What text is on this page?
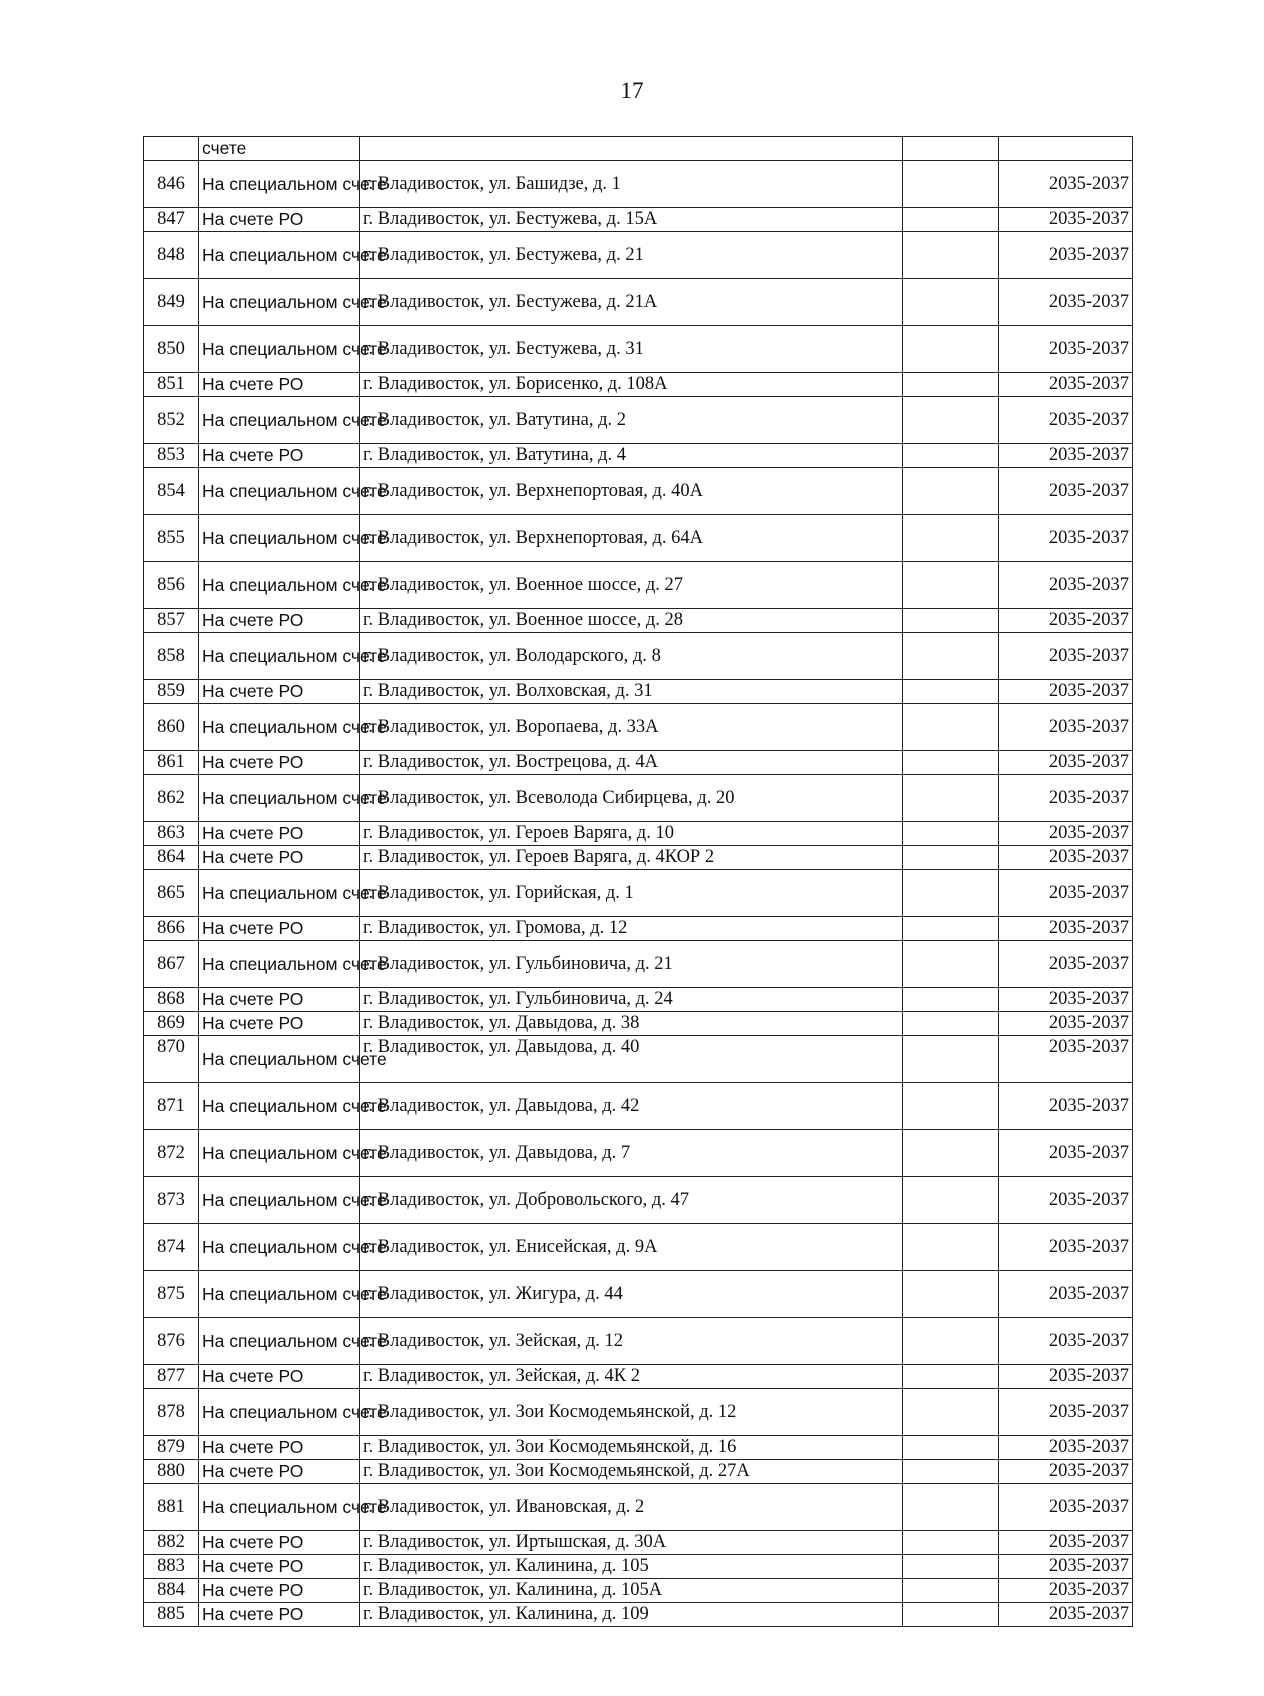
17
	счете			
846	На специальном счете	г. Владивосток, ул. Башидзе, д. 1		2035-2037
847	На счете РО	г. Владивосток, ул. Бестужева, д. 15А		2035-2037
848	На специальном счете	г. Владивосток, ул. Бестужева, д. 21		2035-2037
849	На специальном счете	г. Владивосток, ул. Бестужева, д. 21А		2035-2037
850	На специальном счете	г. Владивосток, ул. Бестужева, д. 31		2035-2037
851	На счете РО	г. Владивосток, ул. Борисенко, д. 108А		2035-2037
852	На специальном счете	г. Владивосток, ул. Ватутина, д. 2		2035-2037
853	На счете РО	г. Владивосток, ул. Ватутина, д. 4		2035-2037
854	На специальном счете	г. Владивосток, ул. Верхнепортовая, д. 40А		2035-2037
855	На специальном счете	г. Владивосток, ул. Верхнепортовая, д. 64А		2035-2037
856	На специальном счете	г. Владивосток, ул. Военное шоссе, д. 27		2035-2037
857	На счете РО	г. Владивосток, ул. Военное шоссе, д. 28		2035-2037
858	На специальном счете	г. Владивосток, ул. Володарского, д. 8		2035-2037
859	На счете РО	г. Владивосток, ул. Волховская, д. 31		2035-2037
860	На специальном счете	г. Владивосток, ул. Воропаева, д. 33А		2035-2037
861	На счете РО	г. Владивосток, ул. Вострецова, д. 4А		2035-2037
862	На специальном счете	г. Владивосток, ул. Всеволода Сибирцева, д. 20		2035-2037
863	На счете РО	г. Владивосток, ул. Героев Варяга, д. 10		2035-2037
864	На счете РО	г. Владивосток, ул. Героев Варяга, д. 4КОР 2		2035-2037
865	На специальном счете	г. Владивосток, ул. Горийская, д. 1		2035-2037
866	На счете РО	г. Владивосток, ул. Громова, д. 12		2035-2037
867	На специальном счете	г. Владивосток, ул. Гульбиновича, д. 21		2035-2037
868	На счете РО	г. Владивосток, ул. Гульбиновича, д. 24		2035-2037
869	На счете РО	г. Владивосток, ул. Давыдова, д. 38		2035-2037
870	На специальном счете	г. Владивосток, ул. Давыдова, д. 40		2035-2037
871	На специальном счете	г. Владивосток, ул. Давыдова, д. 42		2035-2037
872	На специальном счете	г. Владивосток, ул. Давыдова, д. 7		2035-2037
873	На специальном счете	г. Владивосток, ул. Добровольского, д. 47		2035-2037
874	На специальном счете	г. Владивосток, ул. Енисейская, д. 9А		2035-2037
875	На специальном счете	г. Владивосток, ул. Жигура, д. 44		2035-2037
876	На специальном счете	г. Владивосток, ул. Зейская, д. 12		2035-2037
877	На счете РО	г. Владивосток, ул. Зейская, д. 4К 2		2035-2037
878	На специальном счете	г. Владивосток, ул. Зои Космодемьянской, д. 12		2035-2037
879	На счете РО	г. Владивосток, ул. Зои Космодемьянской, д. 16		2035-2037
880	На счете РО	г. Владивосток, ул. Зои Космодемьянской, д. 27А		2035-2037
881	На специальном счете	г. Владивосток, ул. Ивановская, д. 2		2035-2037
882	На счете РО	г. Владивосток, ул. Иртышская, д. 30А		2035-2037
883	На счете РО	г. Владивосток, ул. Калинина, д. 105		2035-2037
884	На счете РО	г. Владивосток, ул. Калинина, д. 105А		2035-2037
885	На счете РО	г. Владивосток, ул. Калинина, д. 109		2035-2037
